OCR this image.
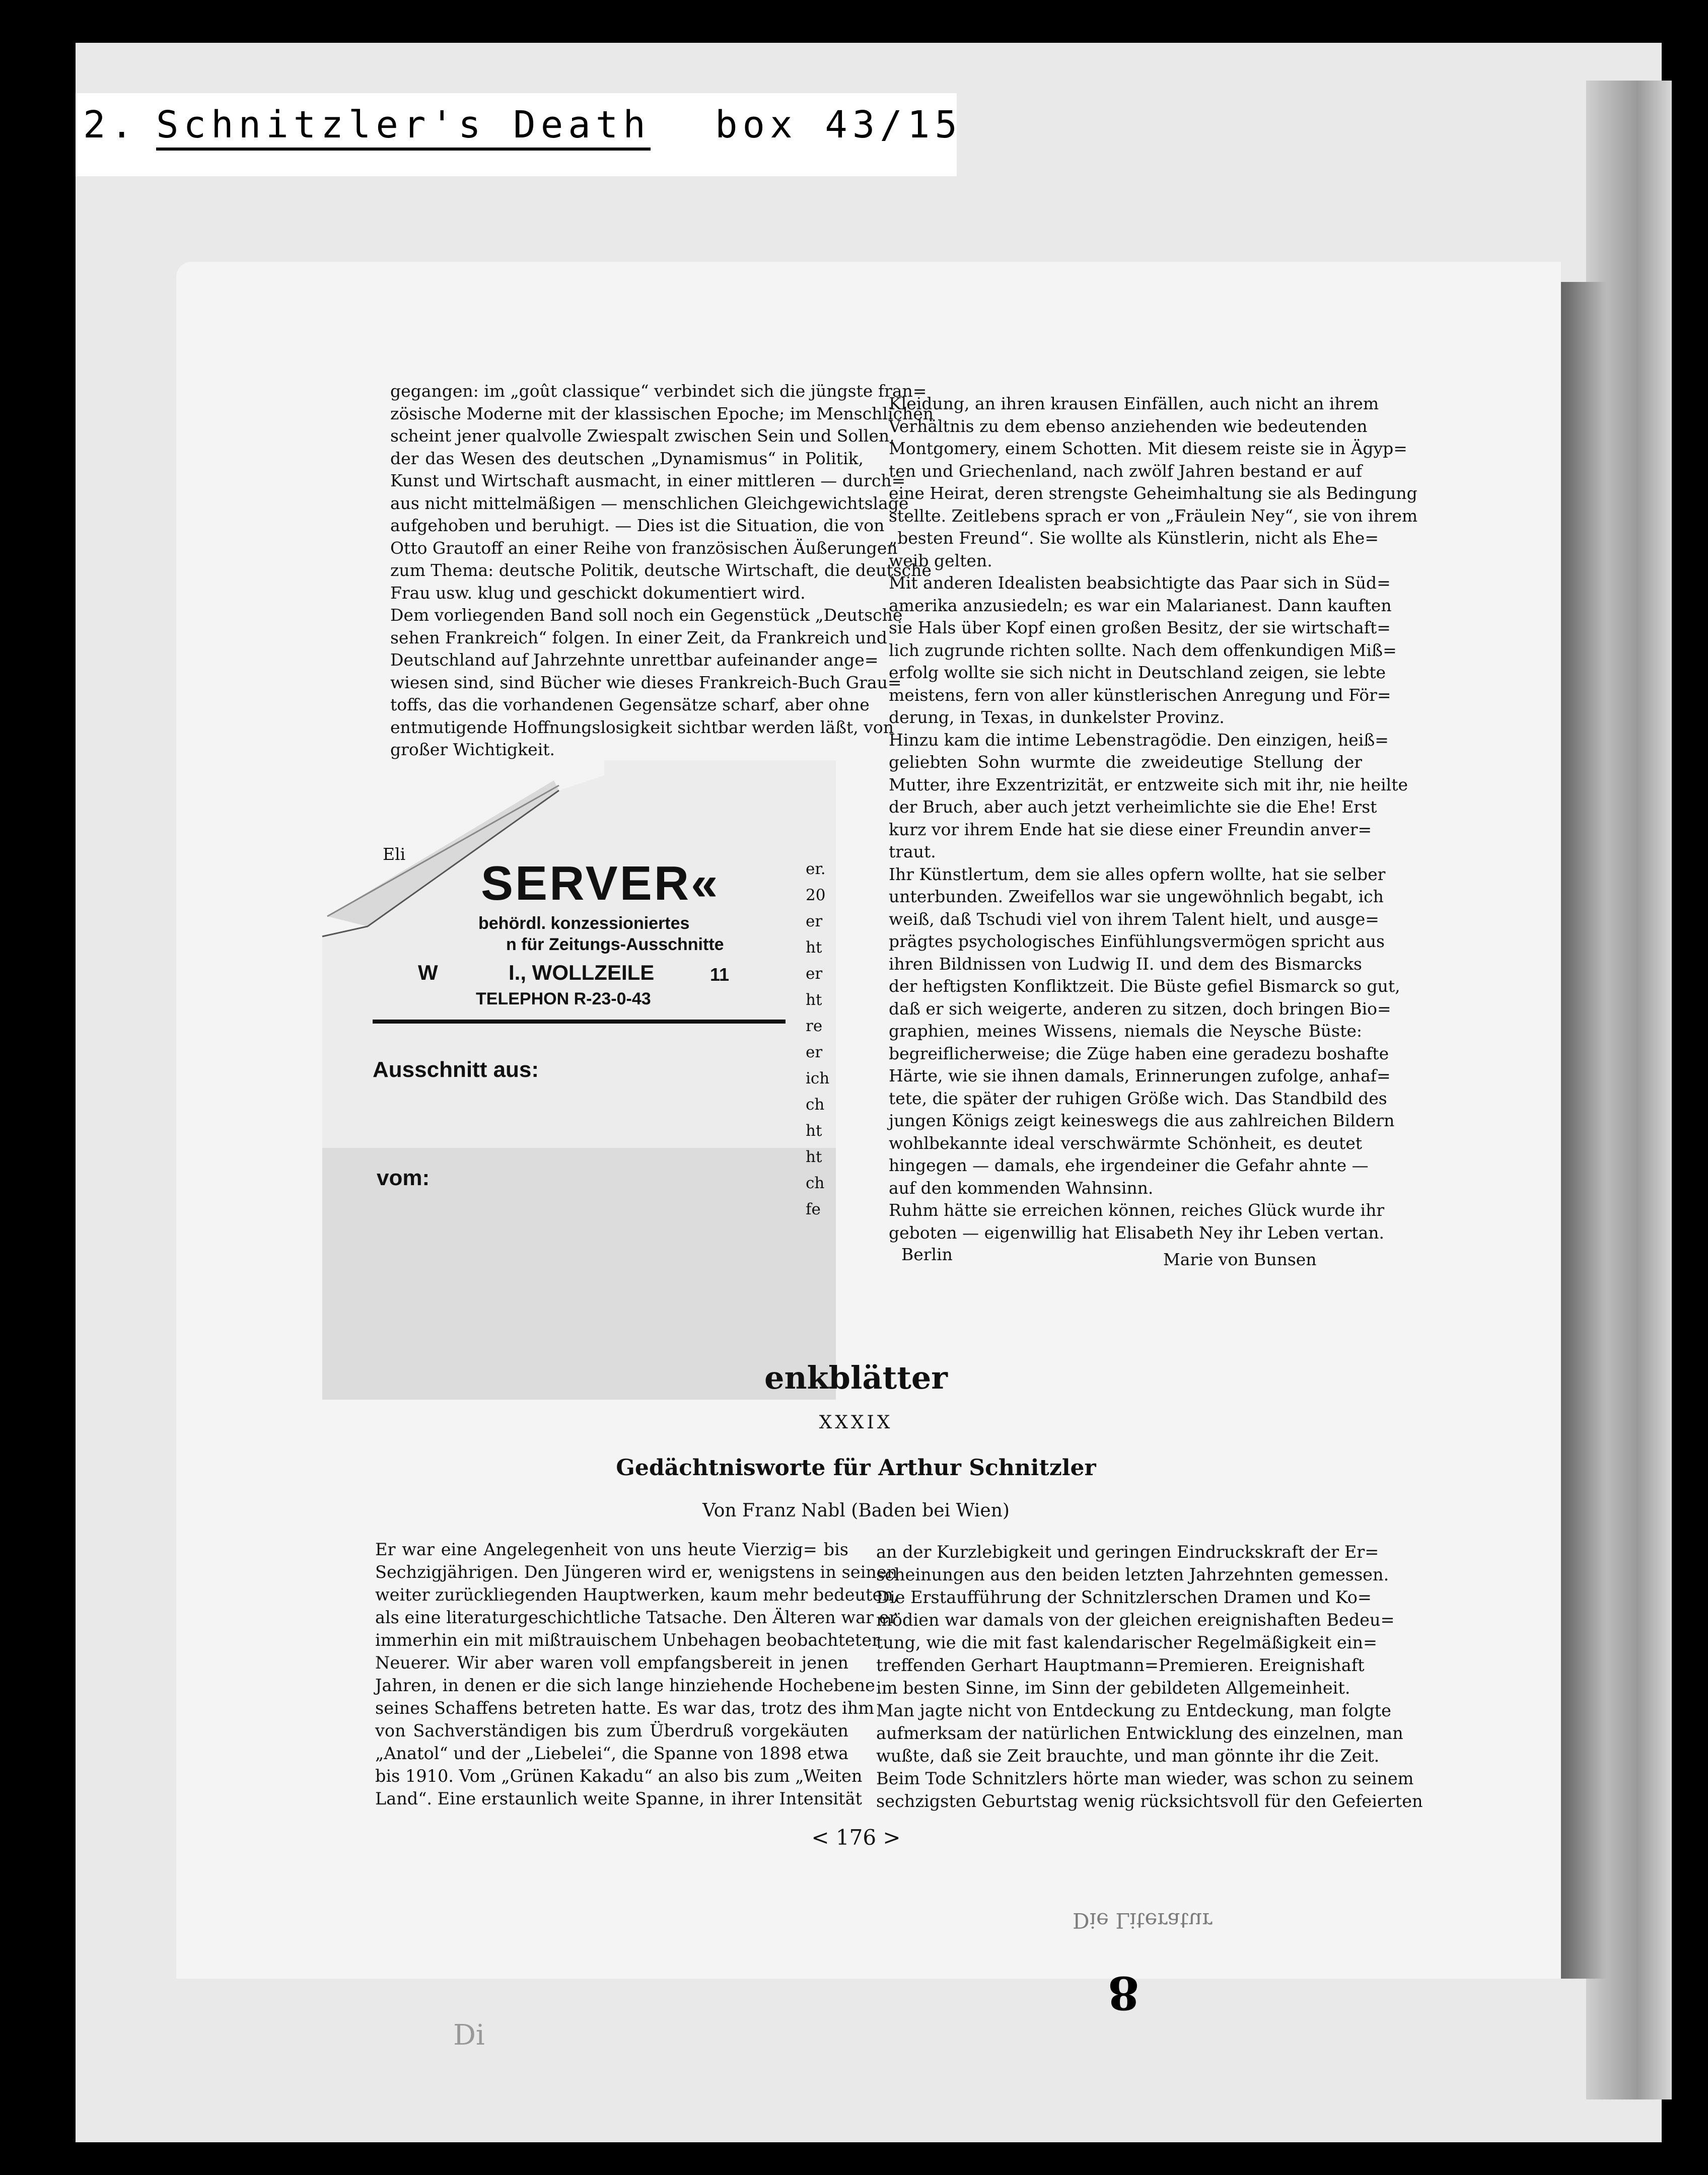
2. Schnitzler's Death box 43/15
gegangen: im „goût classique“ verbindet sich die jüngste fran=
zösische Moderne mit der klassischen Epoche; im Menschlichen
scheint jener qualvolle Zwiespalt zwischen Sein und Sollen,
der das Wesen des deutschen „Dynamismus“ in Politik,
Kunst und Wirtschaft ausmacht, in einer mittleren — durch=
aus nicht mittelmäßigen — menschlichen Gleichgewichtslage
aufgehoben und beruhigt. — Dies ist die Situation, die von
Otto Grautoff an einer Reihe von französischen Äußerungen
zum Thema: deutsche Politik, deutsche Wirtschaft, die deutsche
Frau usw. klug und geschickt dokumentiert wird.
Dem vorliegenden Band soll noch ein Gegenstück „Deutsche
sehen Frankreich“ folgen. In einer Zeit, da Frankreich und
Deutschland auf Jahrzehnte unrettbar aufeinander ange=
wiesen sind, sind Bücher wie dieses Frankreich-Buch Grau=
toffs, das die vorhandenen Gegensätze scharf, aber ohne
entmutigende Hoffnungslosigkeit sichtbar werden läßt, von
großer Wichtigkeit.
Kleidung, an ihren krausen Einfällen, auch nicht an ihrem
Verhältnis zu dem ebenso anziehenden wie bedeutenden
Montgomery, einem Schotten. Mit diesem reiste sie in Ägyp=
ten und Griechenland, nach zwölf Jahren bestand er auf
eine Heirat, deren strengste Geheimhaltung sie als Bedingung
stellte. Zeitlebens sprach er von „Fräulein Ney“, sie von ihrem
„besten Freund“. Sie wollte als Künstlerin, nicht als Ehe=
weib gelten.
Mit anderen Idealisten beabsichtigte das Paar sich in Süd=
amerika anzusiedeln; es war ein Malarianest. Dann kauften
sie Hals über Kopf einen großen Besitz, der sie wirtschaft=
lich zugrunde richten sollte. Nach dem offenkundigen Miß=
erfolg wollte sie sich nicht in Deutschland zeigen, sie lebte
meistens, fern von aller künstlerischen Anregung und För=
derung, in Texas, in dunkelster Provinz.
Hinzu kam die intime Lebenstragödie. Den einzigen, heiß=
geliebten Sohn wurmte die zweideutige Stellung der
Mutter, ihre Exzentrizität, er entzweite sich mit ihr, nie heilte
der Bruch, aber auch jetzt verheimlichte sie die Ehe! Erst
kurz vor ihrem Ende hat sie diese einer Freundin anver=
traut.
Ihr Künstlertum, dem sie alles opfern wollte, hat sie selber
unterbunden. Zweifellos war sie ungewöhnlich begabt, ich
weiß, daß Tschudi viel von ihrem Talent hielt, und ausge=
prägtes psychologisches Einfühlungsvermögen spricht aus
ihren Bildnissen von Ludwig II. und dem des Bismarcks
der heftigsten Konfliktzeit. Die Büste gefiel Bismarck so gut,
daß er sich weigerte, anderen zu sitzen, doch bringen Bio=
graphien, meines Wissens, niemals die Neysche Büste:
begreiflicherweise; die Züge haben eine geradezu boshafte
Härte, wie sie ihnen damals, Erinnerungen zufolge, anhaf=
tete, die später der ruhigen Größe wich. Das Standbild des
jungen Königs zeigt keineswegs die aus zahlreichen Bildern
wohlbekannte ideal verschwärmte Schönheit, es deutet
hingegen — damals, ehe irgendeiner die Gefahr ahnte —
auf den kommenden Wahnsinn.
Ruhm hätte sie erreichen können, reiches Glück wurde ihr
geboten — eigenwillig hat Elisabeth Ney ihr Leben vertan.
Berlin	Marie von Bunsen
Eli
SERVER«
behördl. konzessioniertes
n für Zeitungs-Ausschnitte
W	I., WOLLZEILE	11
TELEPHON R-23-0-43
Ausschnitt aus:
vom:
er.
20
er
ht
er
ht
re
er
ich
ch
ht
ht
ch
fe
enkblätter
XXXIX
Gedächtnisworte für Arthur Schnitzler
Von Franz Nabl (Baden bei Wien)
Er war eine Angelegenheit von uns heute Vierzig= bis
Sechzigjährigen. Den Jüngeren wird er, wenigstens in seinen
weiter zurückliegenden Hauptwerken, kaum mehr bedeuten,
als eine literaturgeschichtliche Tatsache. Den Älteren war er
immerhin ein mit mißtrauischem Unbehagen beobachteter
Neuerer. Wir aber waren voll empfangsbereit in jenen
Jahren, in denen er die sich lange hinziehende Hochebene
seines Schaffens betreten hatte. Es war das, trotz des ihm
von Sachverständigen bis zum Überdruß vorgekäuten
„Anatol“ und der „Liebelei“, die Spanne von 1898 etwa
bis 1910. Vom „Grünen Kakadu“ an also bis zum „Weiten
Land“. Eine erstaunlich weite Spanne, in ihrer Intensität
an der Kurzlebigkeit und geringen Eindruckskraft der Er=
scheinungen aus den beiden letzten Jahrzehnten gemessen.
Die Erstaufführung der Schnitzlerschen Dramen und Ko=
mödien war damals von der gleichen ereignishaften Bedeu=
tung, wie die mit fast kalendarischer Regelmäßigkeit ein=
treffenden Gerhart Hauptmann=Premieren. Ereignishaft
im besten Sinne, im Sinn der gebildeten Allgemeinheit.
Man jagte nicht von Entdeckung zu Entdeckung, man folgte
aufmerksam der natürlichen Entwicklung des einzelnen, man
wußte, daß sie Zeit brauchte, und man gönnte ihr die Zeit.
Beim Tode Schnitzlers hörte man wieder, was schon zu seinem
sechzigsten Geburtstag wenig rücksichtsvoll für den Gefeierten
< 176 >
Die Literatur
8
Di
